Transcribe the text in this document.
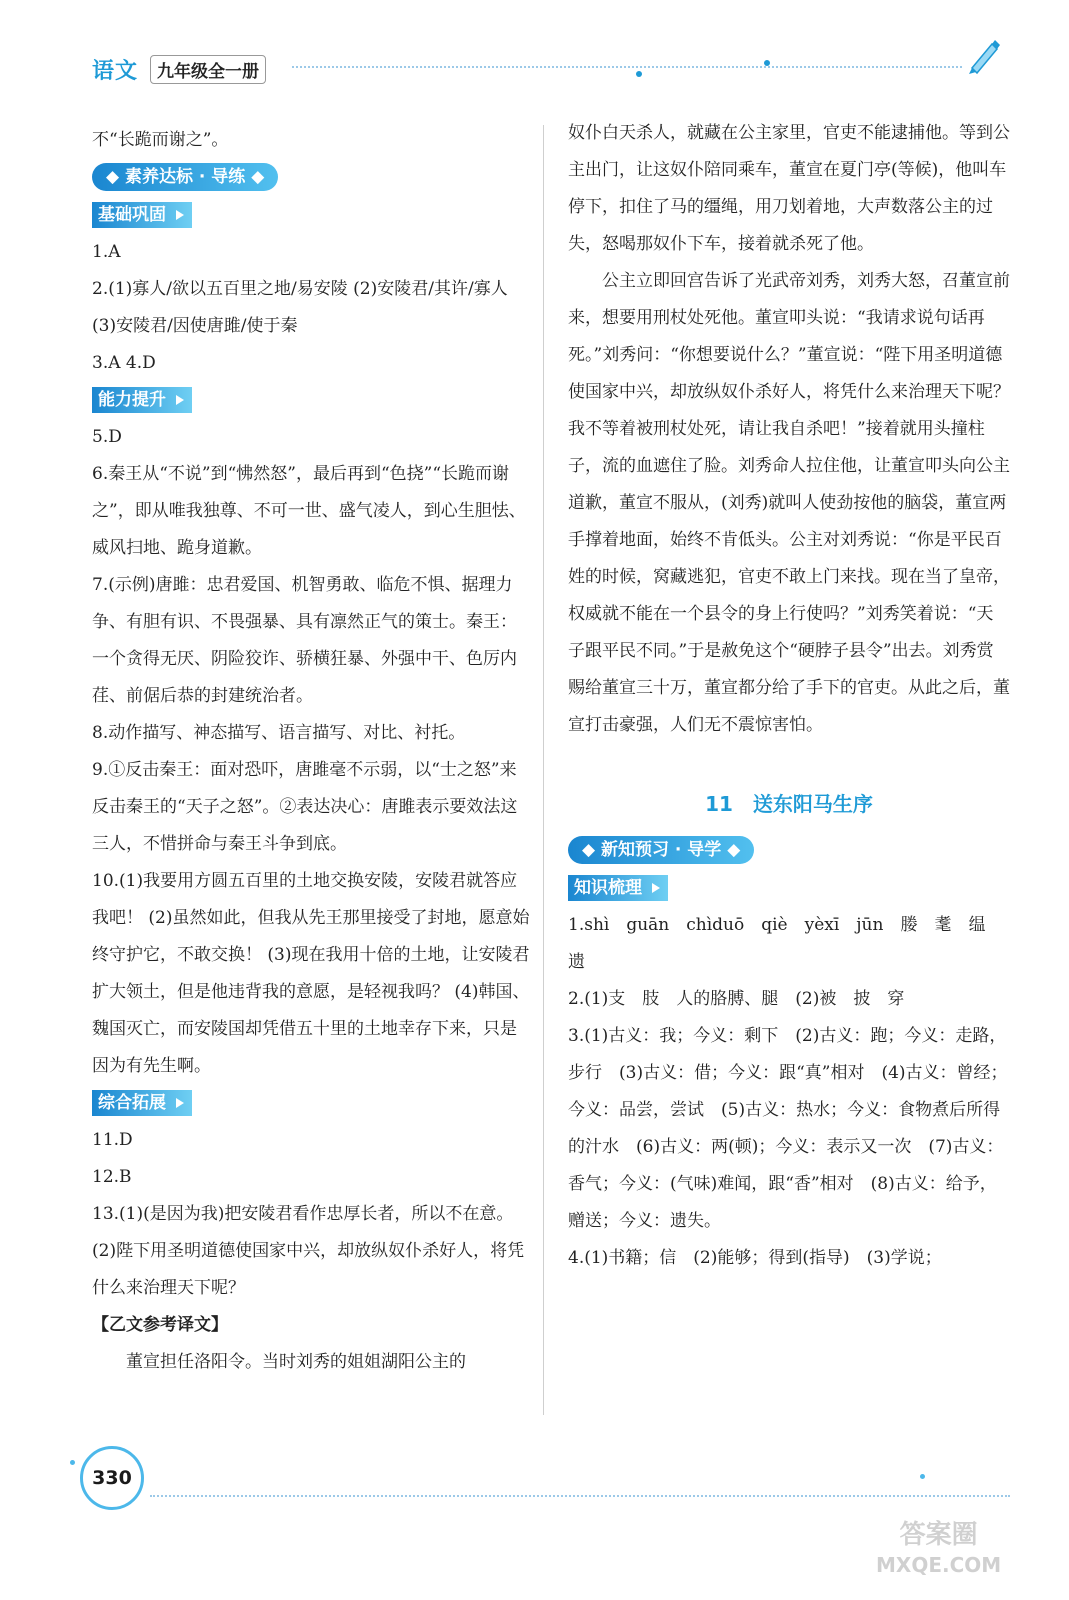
语文	九年级全一册

不“长跪而谢之”。

◆ 素养达标 · 导练 ◆
基础巩固

1.A

2.(1)寡人/欲以五百里之地/易安陵 (2)安陵君/其许/寡人 (3)安陵君/因使唐雎/使于秦

3.A 4.D

能力提升

5.D

6.秦王从“不说”到“怫然怒”，最后再到“色挠”“长跪而谢之”，即从唯我独尊、不可一世、盛气凌人，到心生胆怯、威风扫地、跪身道歉。

7.(示例)唐雎：忠君爱国、机智勇敢、临危不惧、据理力争、有胆有识、不畏强暴、具有凛然正气的策士。秦王：一个贪得无厌、阴险狡诈、骄横狂暴、外强中干、色厉内荏、前倨后恭的封建统治者。

8.动作描写、神态描写、语言描写、对比、衬托。

9.①反击秦王：面对恐吓，唐雎毫不示弱，以“士之怒”来反击秦王的“天子之怒”。②表达决心：唐雎表示要效法这三人，不惜拼命与秦王斗争到底。

10.(1)我要用方圆五百里的土地交换安陵，安陵君就答应我吧！ (2)虽然如此，但我从先王那里接受了封地，愿意始终守护它，不敢交换！ (3)现在我用十倍的土地，让安陵君扩大领土，但是他违背我的意愿，是轻视我吗？ (4)韩国、魏国灭亡，而安陵国却凭借五十里的土地幸存下来，只是因为有先生啊。

综合拓展

11.D

12.B

13.(1)(是因为我)把安陵君看作忠厚长者，所以不在意。 (2)陛下用圣明道德使国家中兴，却放纵奴仆杀好人，将凭什么来治理天下呢？

【乙文参考译文】

董宣担任洛阳令。当时刘秀的姐姐湖阳公主的

奴仆白天杀人，就藏在公主家里，官吏不能逮捕他。等到公主出门，让这奴仆陪同乘车，董宣在夏门亭(等候)，他叫车停下，扣住了马的缰绳，用刀划着地，大声数落公主的过失，怒喝那奴仆下车，接着就杀死了他。

公主立即回宫告诉了光武帝刘秀，刘秀大怒，召董宣前来，想要用刑杖处死他。董宣叩头说：“我请求说句话再死。”刘秀问：“你想要说什么？”董宣说：“陛下用圣明道德使国家中兴，却放纵奴仆杀好人，将凭什么来治理天下呢？我不等着被刑杖处死，请让我自杀吧！”接着就用头撞柱子，流的血遮住了脸。刘秀命人拉住他，让董宣叩头向公主道歉，董宣不服从，(刘秀)就叫人使劲按他的脑袋，董宣两手撑着地面，始终不肯低头。公主对刘秀说：“你是平民百姓的时候，窝藏逃犯，官吏不敢上门来找。现在当了皇帝，权威就不能在一个县令的身上行使吗？”刘秀笑着说：“天子跟平民不同。”于是赦免这个“硬脖子县令”出去。刘秀赏赐给董宣三十万，董宣都分给了手下的官吏。从此之后，董宣打击豪强，人们无不震惊害怕。

11　送东阳马生序
◆ 新知预习 · 导学 ◆
知识梳理

1.shì　guān　chìduō　qiè　yèxī　jūn　媵　耄　缊　遗

2.(1)支　肢　人的胳膊、腿　(2)被　披　穿

3.(1)古义：我；今义：剩下　(2)古义：跑；今义：走路，步行　(3)古义：借；今义：跟“真”相对　(4)古义：曾经；今义：品尝，尝试　(5)古义：热水；今义：食物煮后所得的汁水　(6)古义：两(顿)；今义：表示又一次　(7)古义：香气；今义：(气味)难闻，跟“香”相对　(8)古义：给予，赠送；今义：遗失。

4.(1)书籍；信　(2)能够；得到(指导)　(3)学说；

330
答案圈
MXQE.COM
